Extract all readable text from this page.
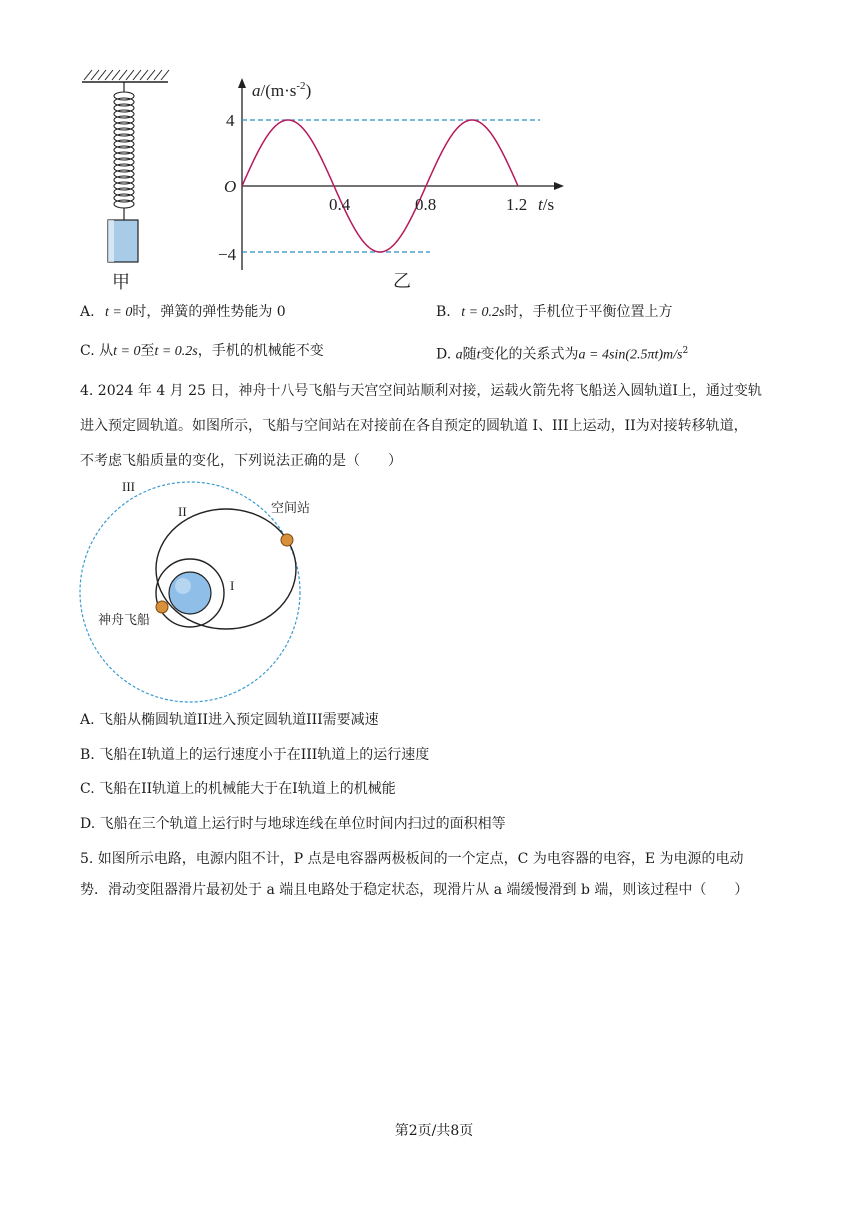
甲
$a/(m\cdot s^{-2})$
t/s
O
4
−4
0.4	0.8	1.2
乙
A. t = 0时，弹簧的弹性势能为 0	B. t = 0.2s时，手机位于平衡位置上方
C. 从t = 0至t = 0.2s，手机的机械能不变	D. a随t变化的关系式为$a = 4\sin(2.5\pi t)m/s^2$
4. 2024 年 4 月 25 日，神舟十八号飞船与天宫空间站顺利对接，运载火箭先将飞船送入圆轨道I上，通过变轨
进入预定圆轨道。如图所示，飞船与空间站在对接前在各自预定的圆轨道 I、III上运动，II为对接转移轨道，
不考虑飞船质量的变化，下列说法正确的是（　　）
III
II
I
空间站
神舟飞船
A. 飞船从椭圆轨道II进入预定圆轨道III需要减速
B. 飞船在I轨道上的运行速度小于在III轨道上的运行速度
C. 飞船在II轨道上的机械能大于在I轨道上的机械能
D. 飞船在三个轨道上运行时与地球连线在单位时间内扫过的面积相等
5. 如图所示电路，电源内阻不计，P 点是电容器两极板间的一个定点，C 为电容器的电容，E 为电源的电动
势．滑动变阻器滑片最初处于 a 端且电路处于稳定状态，现滑片从 a 端缓慢滑到 b 端，则该过程中（　　）
第2页/共8页
